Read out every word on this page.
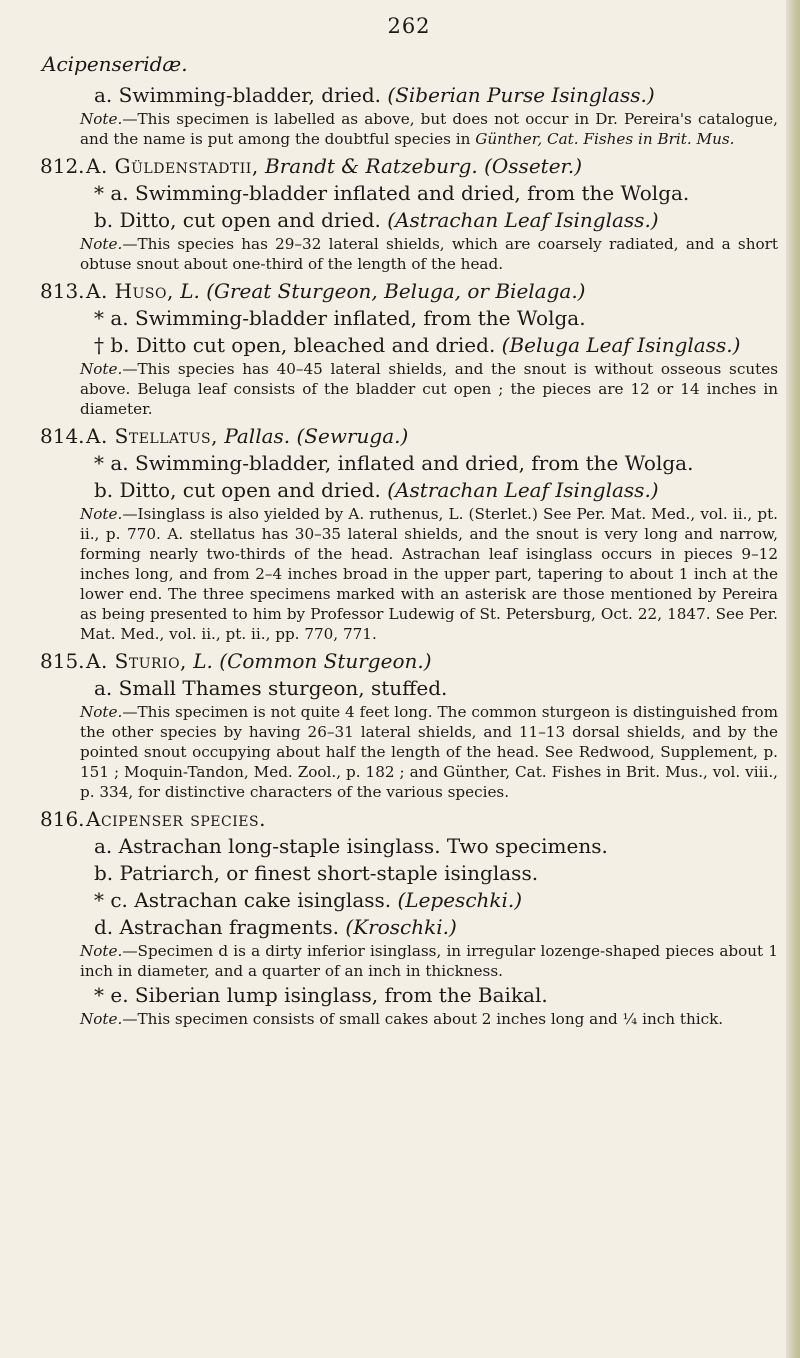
262
Acipenseridæ.
a. Swimming-bladder, dried. (Siberian Purse Isinglass.)
Note.—This specimen is labelled as above, but does not occur in Dr. Pereira's catalogue, and the name is put among the doubtful species in Günther, Cat. Fishes in Brit. Mus.
812. A. Güldenstadtii, Brandt & Ratzeburg. (Osseter.)
* a. Swimming-bladder inflated and dried, from the Wolga.
b. Ditto, cut open and dried. (Astrachan Leaf Isinglass.)
Note.—This species has 29–32 lateral shields, which are coarsely radiated, and a short obtuse snout about one-third of the length of the head.
813. A. Huso, L. (Great Sturgeon, Beluga, or Bielaga.)
* a. Swimming-bladder inflated, from the Wolga.
† b. Ditto cut open, bleached and dried. (Beluga Leaf Isinglass.)
Note.—This species has 40–45 lateral shields, and the snout is without osseous scutes above. Beluga leaf consists of the bladder cut open ; the pieces are 12 or 14 inches in diameter.
814. A. Stellatus, Pallas. (Sewruga.)
* a. Swimming-bladder, inflated and dried, from the Wolga.
b. Ditto, cut open and dried. (Astrachan Leaf Isinglass.)
Note.—Isinglass is also yielded by A. ruthenus, L. (Sterlet.) See Per. Mat. Med., vol. ii., pt. ii., p. 770. A. stellatus has 30–35 lateral shields, and the snout is very long and narrow, forming nearly two-thirds of the head. Astrachan leaf isinglass occurs in pieces 9–12 inches long, and from 2–4 inches broad in the upper part, tapering to about 1 inch at the lower end. The three specimens marked with an asterisk are those mentioned by Pereira as being presented to him by Professor Ludewig of St. Petersburg, Oct. 22, 1847. See Per. Mat. Med., vol. ii., pt. ii., pp. 770, 771.
815. A. Sturio, L. (Common Sturgeon.)
a. Small Thames sturgeon, stuffed.
Note.—This specimen is not quite 4 feet long. The common sturgeon is distinguished from the other species by having 26–31 lateral shields, and 11–13 dorsal shields, and by the pointed snout occupying about half the length of the head. See Redwood, Supplement, p. 151 ; Moquin-Tandon, Med. Zool., p. 182 ; and Günther, Cat. Fishes in Brit. Mus., vol. viii., p. 334, for distinctive characters of the various species.
816. Acipenser species.
a. Astrachan long-staple isinglass. Two specimens.
b. Patriarch, or finest short-staple isinglass.
* c. Astrachan cake isinglass. (Lepeschki.)
d. Astrachan fragments. (Kroschki.)
Note.—Specimen d is a dirty inferior isinglass, in irregular lozenge-shaped pieces about 1 inch in diameter, and a quarter of an inch in thickness.
* e. Siberian lump isinglass, from the Baikal.
Note.—This specimen consists of small cakes about 2 inches long and ¼ inch thick.
